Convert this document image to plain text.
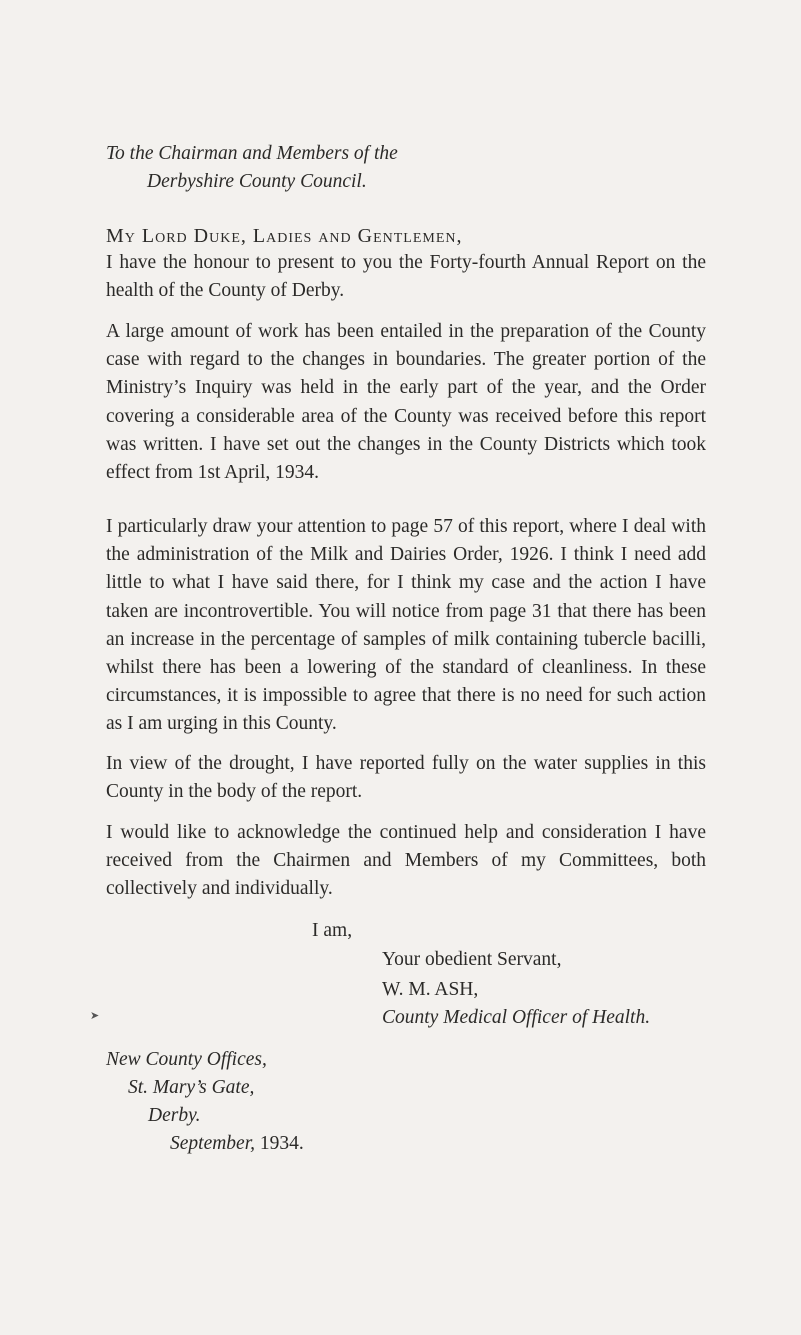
To the Chairman and Members of the
Derbyshire County Council.
My Lord Duke, Ladies and Gentlemen,

I have the honour to present to you the Forty-fourth Annual Report on the health of the County of Derby.

A large amount of work has been entailed in the preparation of the County case with regard to the changes in boundaries. The greater portion of the Ministry’s Inquiry was held in the early part of the year, and the Order covering a considerable area of the County was received before this report was written. I have set out the changes in the County Districts which took effect from 1st April, 1934.

I particularly draw your attention to page 57 of this report, where I deal with the administration of the Milk and Dairies Order, 1926. I think I need add little to what I have said there, for I think my case and the action I have taken are incontrovertible. You will notice from page 31 that there has been an increase in the percentage of samples of milk containing tubercle bacilli, whilst there has been a lowering of the standard of cleanliness. In these circumstances, it is impossible to agree that there is no need for such action as I am urging in this County.

In view of the drought, I have reported fully on the water supplies in this County in the body of the report.

I would like to acknowledge the continued help and consideration I have received from the Chairmen and Members of my Committees, both collectively and individually.

I am,
Your obedient Servant,
W. M. ASH,
County Medical Officer of Health.
➤
New County Offices,
St. Mary’s Gate,
Derby.
September, 1934.
